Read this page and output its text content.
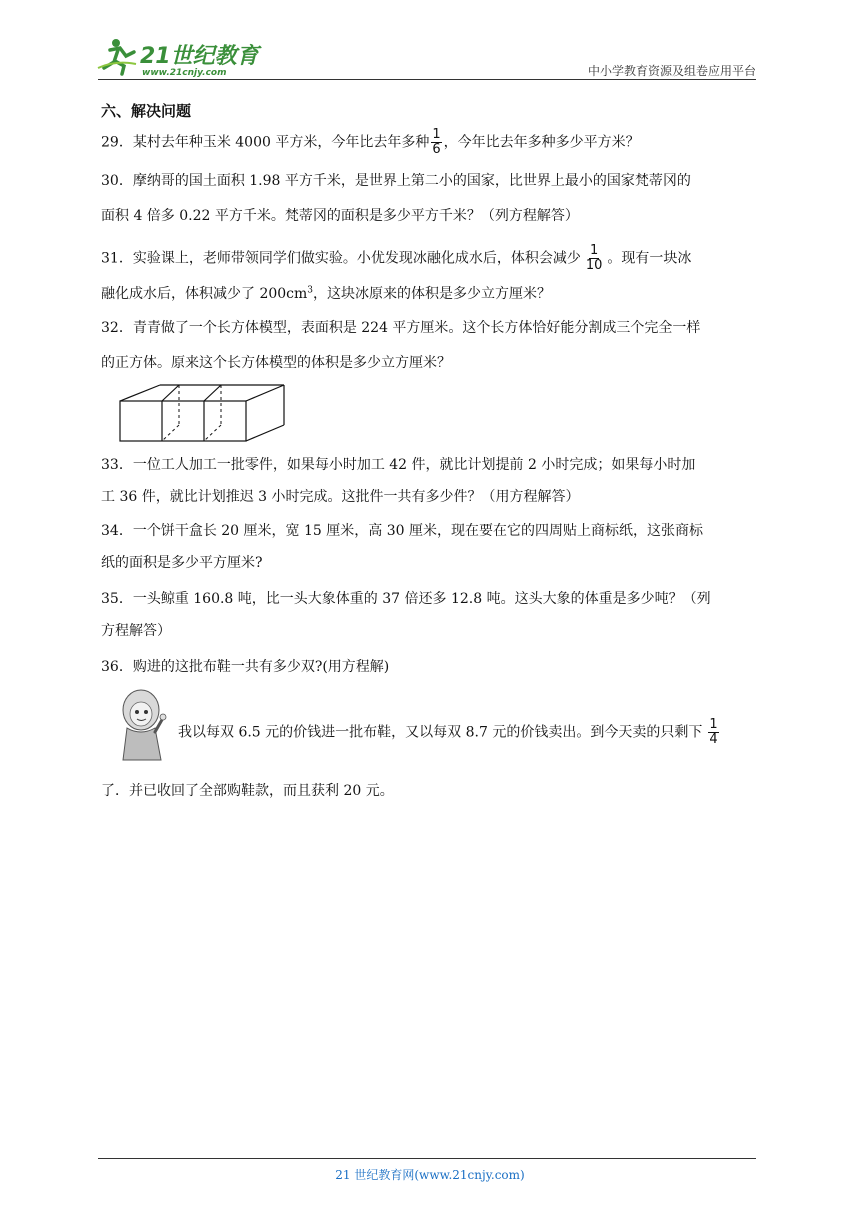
21世纪教育
www.21cnjy.com	中小学教育资源及组卷应用平台
六、解决问题
29．某村去年种玉米 4000 平方米，今年比去年多种 $\frac{1}{6}$ ，今年比去年多种多少平方米？
30．摩纳哥的国土面积 1.98 平方千米，是世界上第二小的国家，比世界上最小的国家梵蒂冈的
面积 4 倍多 0.22 平方千米。梵蒂冈的面积是多少平方千米？（列方程解答）
31．实验课上，老师带领同学们做实验。小优发现冰融化成水后，体积会减少 $\frac{1}{10}$ 。现有一块冰
融化成水后，体积减少了 $200cm^3$，这块冰原来的体积是多少立方厘米？
32．青青做了一个长方体模型，表面积是 224 平方厘米。这个长方体恰好能分割成三个完全一样
的正方体。原来这个长方体模型的体积是多少立方厘米？
33．一位工人加工一批零件，如果每小时加工 42 件，就比计划提前 2 小时完成；如果每小时加
工 36 件，就比计划推迟 3 小时完成。这批件一共有多少件？（用方程解答）
34．一个饼干盒长 20 厘米，宽 15 厘米，高 30 厘米，现在要在它的四周贴上商标纸，这张商标
纸的面积是多少平方厘米?
35．一头鲸重 160.8 吨，比一头大象体重的 37 倍还多 12.8 吨。这头大象的体重是多少吨？（列
方程解答）
36．购进的这批布鞋一共有多少双?(用方程解)
我以每双 6.5 元的价钱进一批布鞋，又以每双 8.7 元的价钱卖出。到今天卖的只剩下 $\frac{1}{4}$
了．并已收回了全部购鞋款，而且获利 20 元。
21 世纪教育网(www.21cnjy.com)
